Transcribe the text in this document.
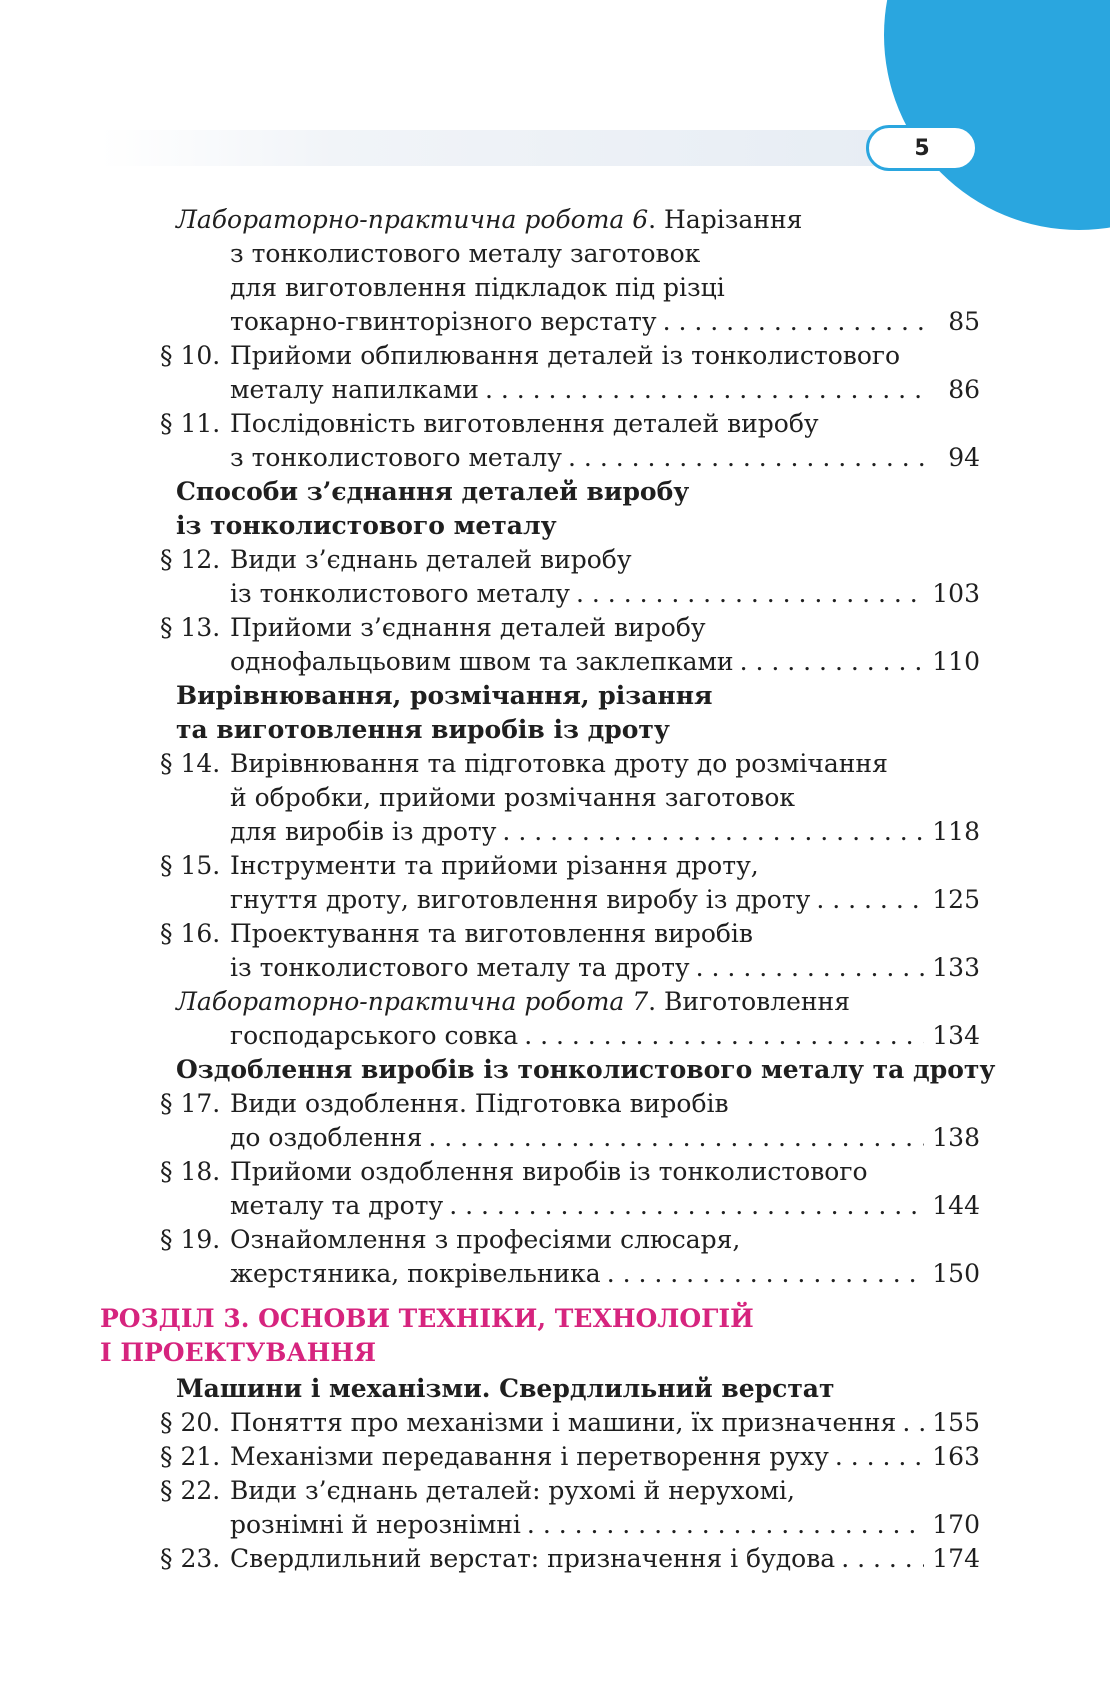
5
Лабораторно-практична робота 6 . Нарізання
з тонколистового металу заготовок
для виготовлення підкладок під різці
токарно-гвинторізного верстату . . .	85
§ 10. Прийоми обпилювання деталей із тонколистового
металу напилками . . .	86
§ 11. Послідовність виготовлення деталей виробу
з тонколистового металу . . .	94
Способи з’єднання деталей виробу
із тонколистового металу
§ 12. Види з’єднань деталей виробу
із тонколистового металу . . .	103
§ 13. Прийоми з’єднання деталей виробу
однофальцьовим швом та заклепками . . .	110
Вирівнювання, розмічання, різання
та виготовлення виробів із дроту
§ 14. Вирівнювання та підготовка дроту до розмічання
й обробки, прийоми розмічання заготовок
для виробів із дроту . . .	118
§ 15. Інструменти та прийоми різання дроту,
гнуття дроту, виготовлення виробу із дроту . . .	125
§ 16. Проектування та виготовлення виробів
із тонколистового металу та дроту . . .	133
Лабораторно-практична робота 7 . Виготовлення
господарського совка . . .	134
Оздоблення виробів із тонколистового металу та дроту
§ 17. Види оздоблення. Підготовка виробів
до оздоблення . . .	138
§ 18. Прийоми оздоблення виробів із тонколистового
металу та дроту . . .	144
§ 19. Ознайомлення з професіями слюсаря,
жерстяника, покрівельника . . .	150
РОЗДІЛ 3. ОСНОВИ ТЕХНІКИ, ТЕХНОЛОГІЙ
І ПРОЕКТУВАННЯ
Машини і механізми. Свердлильний верстат
§ 20. Поняття про механізми і машини, їх призначення . . . 155
§ 21. Механізми передавання і перетворення руху . . .	163
§ 22. Види з’єднань деталей: рухомі й нерухомі,
рознімні й нерознімні . . .	170
§ 23. Свердлильний верстат: призначення і будова . . .	174
